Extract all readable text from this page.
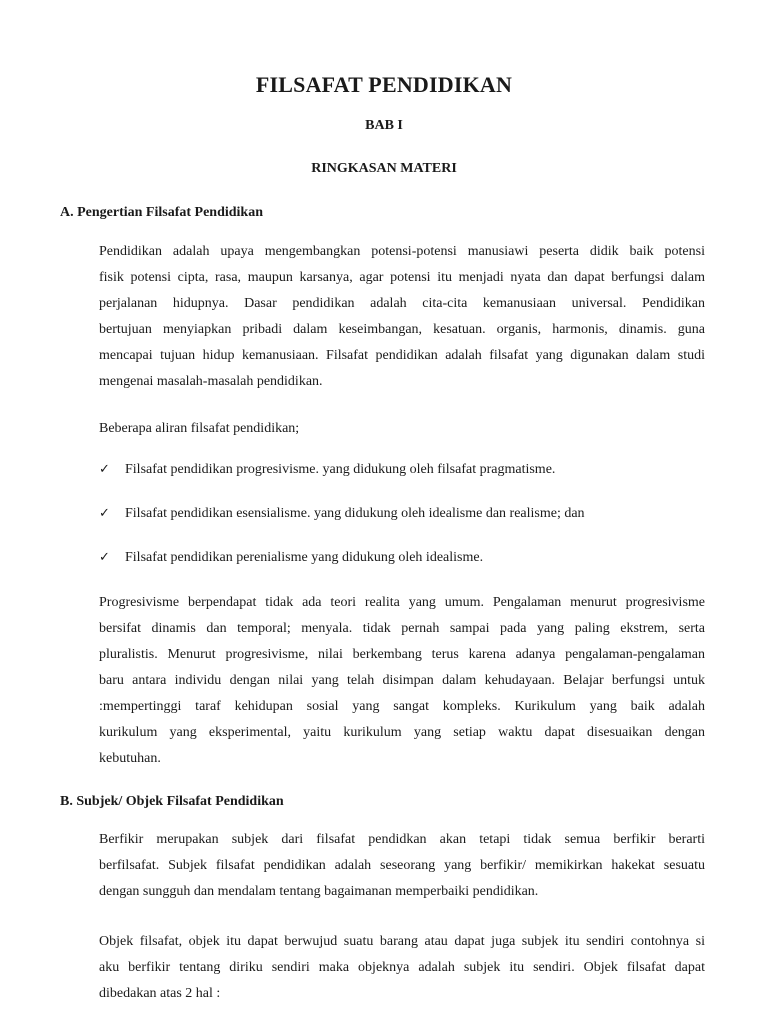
FILSAFAT PENDIDIKAN
BAB I
RINGKASAN MATERI
A. Pengertian Filsafat Pendidikan
Pendidikan adalah upaya mengembangkan potensi-potensi manusiawi peserta didik baik potensi
fisik potensi cipta, rasa, maupun karsanya, agar potensi itu menjadi nyata dan dapat berfungsi dalam
perjalanan hidupnya. Dasar pendidikan adalah cita-cita kemanusiaan universal. Pendidikan
bertujuan menyiapkan pribadi dalam keseimbangan, kesatuan. organis, harmonis, dinamis. guna
mencapai tujuan hidup kemanusiaan. Filsafat pendidikan adalah filsafat yang digunakan dalam studi
mengenai masalah-masalah pendidikan.
Beberapa aliran filsafat pendidikan;
✓ Filsafat pendidikan progresivisme. yang didukung oleh filsafat pragmatisme.
✓ Filsafat pendidikan esensialisme. yang didukung oleh idealisme dan realisme; dan
✓ Filsafat pendidikan perenialisme yang didukung oleh idealisme.
Progresivisme berpendapat tidak ada teori realita yang umum. Pengalaman menurut progresivisme
bersifat dinamis dan temporal; menyala. tidak pernah sampai pada yang paling ekstrem, serta
pluralistis. Menurut progresivisme, nilai berkembang terus karena adanya pengalaman-pengalaman
baru antara individu dengan nilai yang telah disimpan dalam kehudayaan. Belajar berfungsi untuk
:mempertinggi taraf kehidupan sosial yang sangat kompleks. Kurikulum yang baik adalah
kurikulum yang eksperimental, yaitu kurikulum yang setiap waktu dapat disesuaikan dengan
kebutuhan.
B. Subjek/ Objek Filsafat Pendidikan
Berfikir merupakan subjek dari filsafat pendidkan akan tetapi tidak semua berfikir berarti
berfilsafat. Subjek filsafat pendidikan adalah seseorang yang berfikir/ memikirkan hakekat sesuatu
dengan sungguh dan mendalam tentang bagaimanan memperbaiki pendidikan.
Objek filsafat, objek itu dapat berwujud suatu barang atau dapat juga subjek itu sendiri contohnya si
aku berfikir tentang diriku sendiri maka objeknya adalah subjek itu sendiri. Objek filsafat dapat
dibedakan atas 2 hal :
